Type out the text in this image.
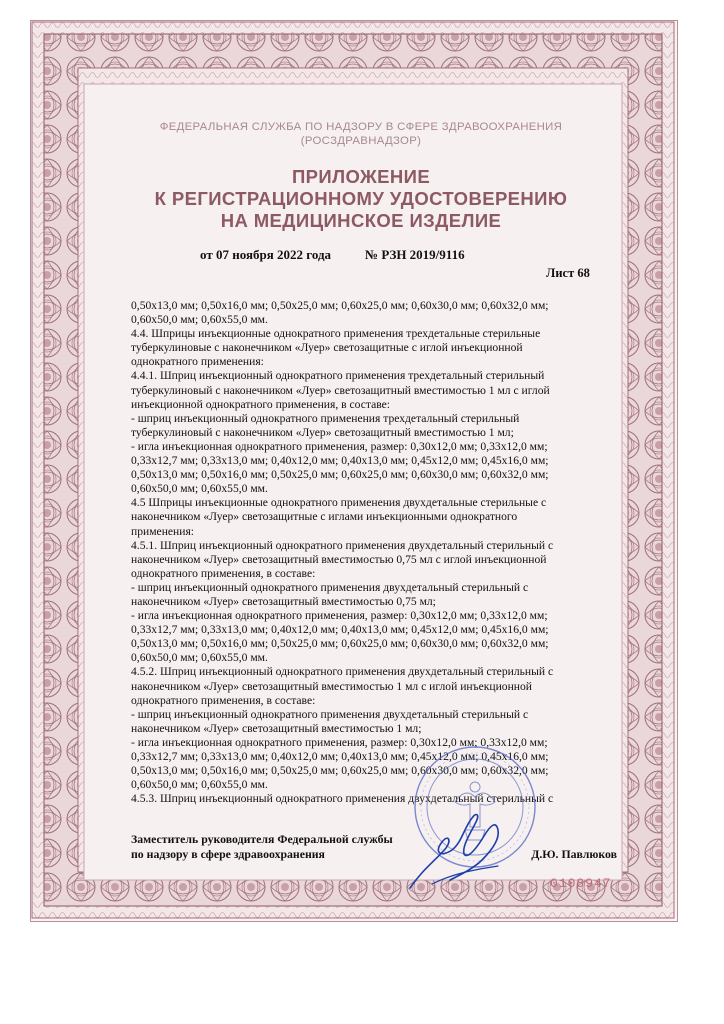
ФЕДЕРАЛЬНАЯ СЛУЖБА ПО НАДЗОРУ В СФЕРЕ ЗДРАВООХРАНЕНИЯ
(РОСЗДРАВНАДЗОР)
ПРИЛОЖЕНИЕ
К РЕГИСТРАЦИОННОМУ УДОСТОВЕРЕНИЮ
НА МЕДИЦИНСКОЕ ИЗДЕЛИЕ
от 07 ноября 2022 года	№ РЗН 2019/9116
Лист 68

0,50x13,0 мм; 0,50x16,0 мм; 0,50x25,0 мм; 0,60x25,0 мм; 0,60x30,0 мм; 0,60x32,0 мм;

0,60x50,0 мм; 0,60x55,0 мм.

4.4. Шприцы инъекционные однократного применения трехдетальные стерильные

туберкулиновые с наконечником «Луер» светозащитные с иглой инъекционной

однократного применения:

4.4.1. Шприц инъекционный однократного применения трехдетальный стерильный

туберкулиновый с наконечником «Луер» светозащитный вместимостью 1 мл с иглой

инъекционной однократного применения, в составе:

- шприц инъекционный однократного применения трехдетальный стерильный

туберкулиновый с наконечником «Луер» светозащитный вместимостью 1 мл;

- игла инъекционная однократного применения, размер: 0,30x12,0 мм; 0,33x12,0 мм;

0,33x12,7 мм; 0,33x13,0 мм; 0,40x12,0 мм; 0,40x13,0 мм; 0,45x12,0 мм; 0,45x16,0 мм;

0,50x13,0 мм; 0,50x16,0 мм; 0,50x25,0 мм; 0,60x25,0 мм; 0,60x30,0 мм; 0,60x32,0 мм;

0,60x50,0 мм; 0,60x55,0 мм.

4.5 Шприцы инъекционные однократного применения двухдетальные стерильные с

наконечником «Луер» светозащитные с иглами инъекционными однократного

применения:

4.5.1. Шприц инъекционный однократного применения двухдетальный стерильный с

наконечником «Луер» светозащитный вместимостью 0,75 мл с иглой инъекционной

однократного применения, в составе:

- шприц инъекционный однократного применения двухдетальный стерильный с

наконечником «Луер» светозащитный вместимостью 0,75 мл;

- игла инъекционная однократного применения, размер: 0,30x12,0 мм; 0,33x12,0 мм;

0,33x12,7 мм; 0,33x13,0 мм; 0,40x12,0 мм; 0,40x13,0 мм; 0,45x12,0 мм; 0,45x16,0 мм;

0,50x13,0 мм; 0,50x16,0 мм; 0,50x25,0 мм; 0,60x25,0 мм; 0,60x30,0 мм; 0,60x32,0 мм;

0,60x50,0 мм; 0,60x55,0 мм.

4.5.2. Шприц инъекционный однократного применения двухдетальный стерильный с

наконечником «Луер» светозащитный вместимостью 1 мл с иглой инъекционной

однократного применения, в составе:

- шприц инъекционный однократного применения двухдетальный стерильный с

наконечником «Луер» светозащитный вместимостью 1 мл;

- игла инъекционная однократного применения, размер: 0,30x12,0 мм; 0,33x12,0 мм;

0,33x12,7 мм; 0,33x13,0 мм; 0,40x12,0 мм; 0,40x13,0 мм; 0,45x12,0 мм; 0,45x16,0 мм;

0,50x13,0 мм; 0,50x16,0 мм; 0,50x25,0 мм; 0,60x25,0 мм; 0,60x30,0 мм; 0,60x32,0 мм;

0,60x50,0 мм; 0,60x55,0 мм.

4.5.3. Шприц инъекционный однократного применения двухдетальный стерильный с

Заместитель руководителя Федеральной службы
по надзору в сфере здравоохранения	Д.Ю. Павлюков
0108947
